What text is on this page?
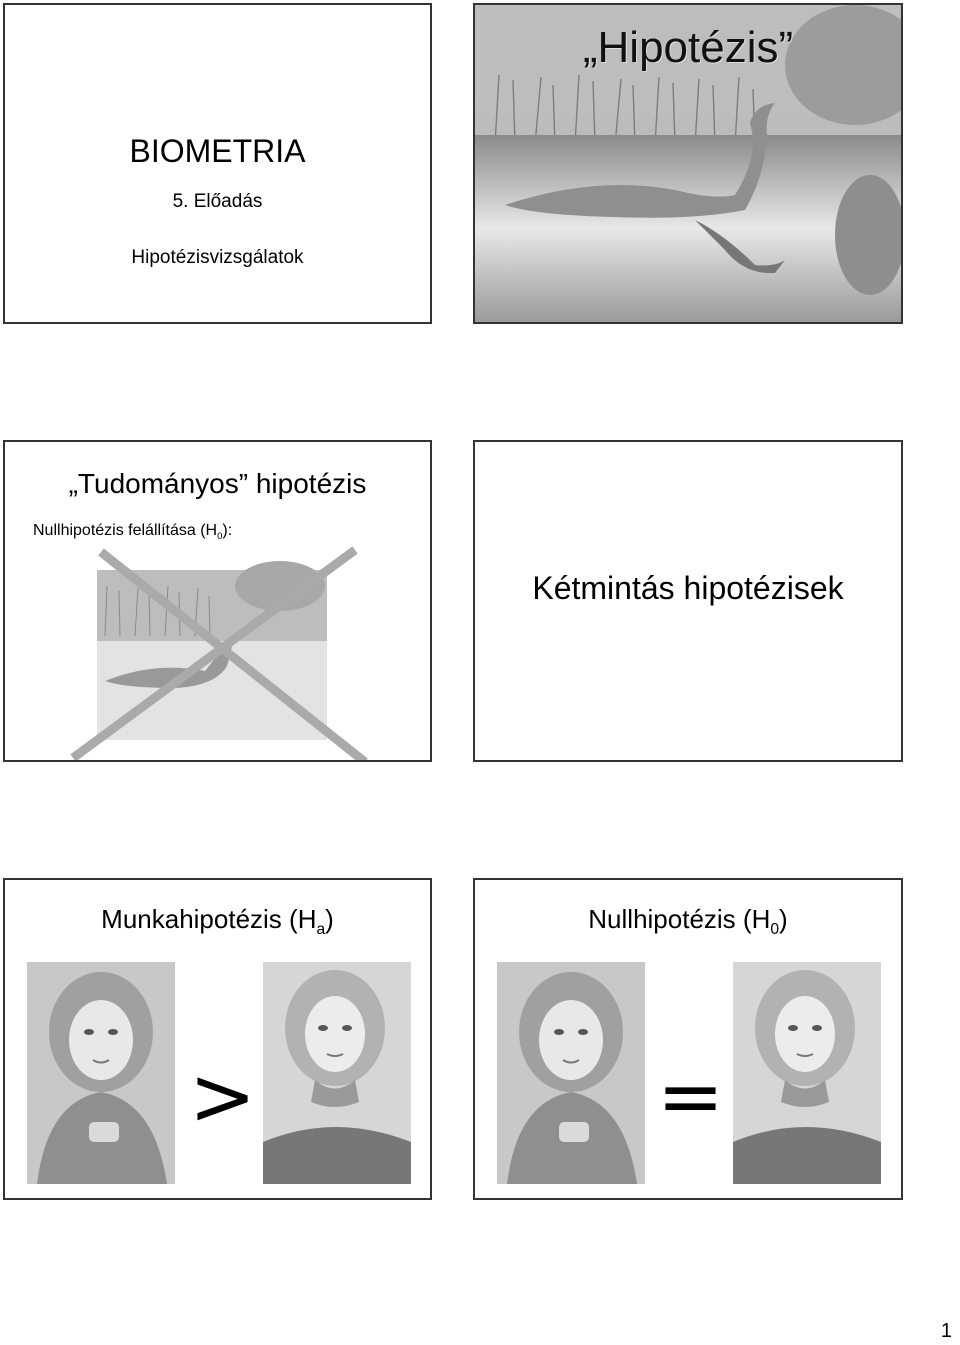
BIOMETRIA
5. Előadás
Hipotézisvizsgálatok
„Hipotézis”
„Tudományos” hipotézis
Nullhipotézis felállítása $(H_0)$:
Kétmintás hipotézisek
Munkahipotézis $(H_a)$
>
Nullhipotézis $(H_0)$
=
1
